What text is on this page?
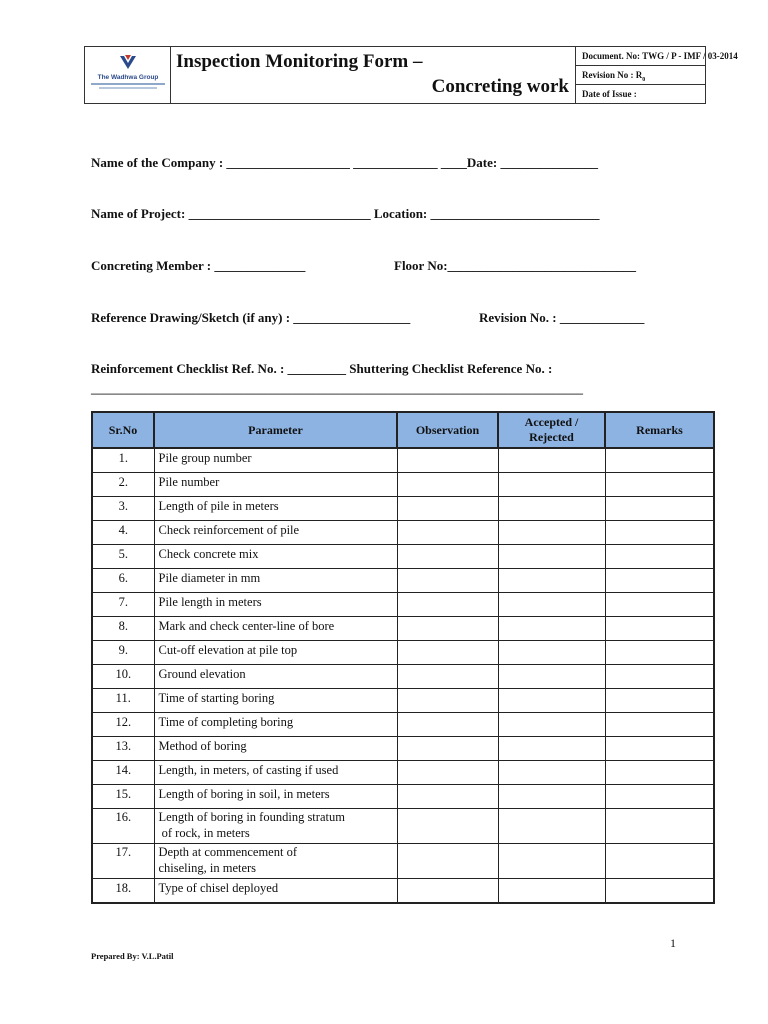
The Wadhwa Group
Inspection Monitoring Form –
Concreting work
Document. No: TWG / P - IMF / 03-2014
Revision No : $R_0$
Date of Issue :
Name of the Company : ___________________ _____________ ____Date: _______________
Name of Project: ____________________________ Location: __________________________
Concreting Member : ______________	Floor No:_____________________________
Reference Drawing/Sketch (if any) : __________________	Revision No. : _____________
Reinforcement Checklist Ref. No. : _________ Shuttering Checklist Reference No. :
__________________________________________________________________________________
Sr.No	Parameter	Observation	Accepted / Rejected	Remarks
1.	Pile group number			

2.	Pile number			

3.	Length of pile in meters			

4.	Check reinforcement of pile			

5.	Check concrete mix			

6.	Pile diameter in mm			

7.	Pile length in meters			

8.	Mark and check center-line of bore			

9.	Cut-off elevation at pile top			

10.	Ground elevation			

11.	Time of starting boring			

12.	Time of completing boring			

13.	Method of boring			

14.	Length, in meters, of casting if used			

15.	Length of boring in soil, in meters			

16.	Length of boring in founding stratum
of rock, in meters			

17.	Depth at commencement of
chiseling, in meters			

18.	Type of chisel deployed			

1
Prepared By: V.L.Patil
